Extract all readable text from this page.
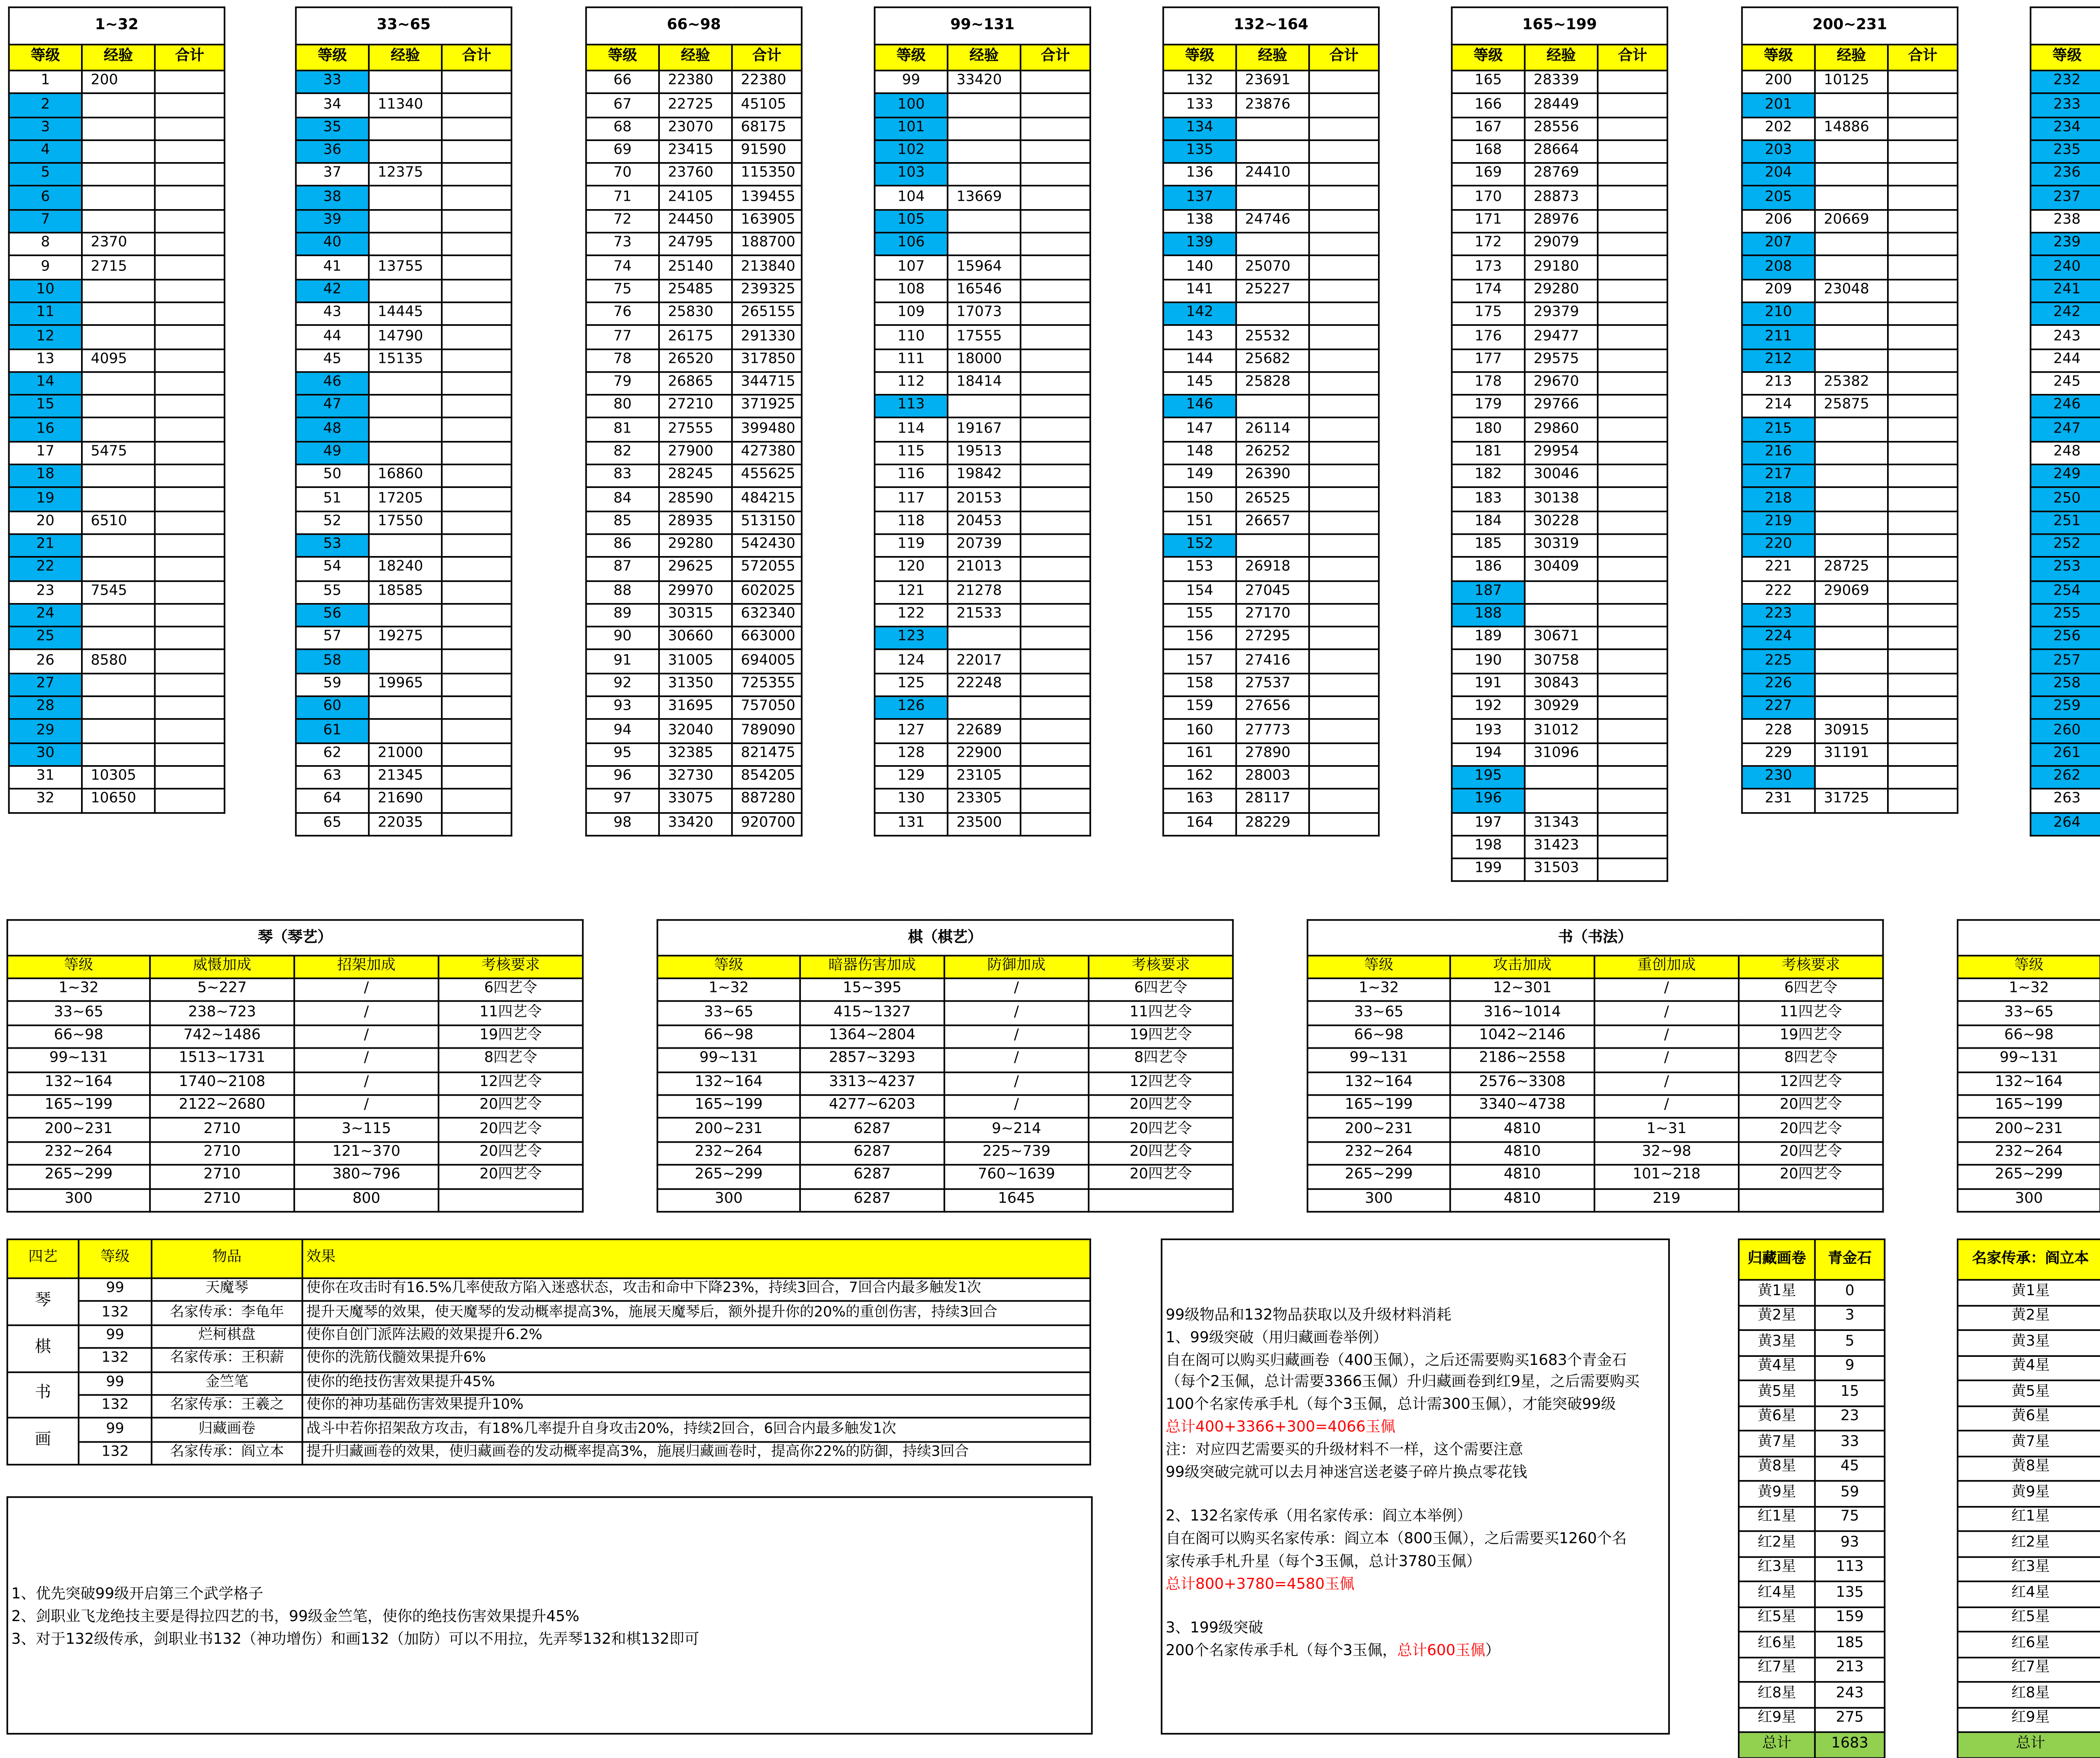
1~32		
等级	经验	合计
1	200	
2		
3		
4		
5		
6		
7		
8	2370	
9	2715	
10		
11		
12		
13	4095	
14		
15		
16		
17	5475	
18		
19		
20	6510	
21		
22		
23	7545	
24		
25		
26	8580	
27		
28		
29		
30		
31	10305	
32	10650	
33~65		
等级	经验	合计
33		
34	11340	
35		
36		
37	12375	
38		
39		
40		
41	13755	
42		
43	14445	
44	14790	
45	15135	
46		
47		
48		
49		
50	16860	
51	17205	
52	17550	
53		
54	18240	
55	18585	
56		
57	19275	
58		
59	19965	
60		
61		
62	21000	
63	21345	
64	21690	
65	22035	
66~98		
等级	经验	合计
66	22380	22380
67	22725	45105
68	23070	68175
69	23415	91590
70	23760	115350
71	24105	139455
72	24450	163905
73	24795	188700
74	25140	213840
75	25485	239325
76	25830	265155
77	26175	291330
78	26520	317850
79	26865	344715
80	27210	371925
81	27555	399480
82	27900	427380
83	28245	455625
84	28590	484215
85	28935	513150
86	29280	542430
87	29625	572055
88	29970	602025
89	30315	632340
90	30660	663000
91	31005	694005
92	31350	725355
93	31695	757050
94	32040	789090
95	32385	821475
96	32730	854205
97	33075	887280
98	33420	920700
99~131		
等级	经验	合计
99	33420	
100		
101		
102		
103		
104	13669	
105		
106		
107	15964	
108	16546	
109	17073	
110	17555	
111	18000	
112	18414	
113		
114	19167	
115	19513	
116	19842	
117	20153	
118	20453	
119	20739	
120	21013	
121	21278	
122	21533	
123		
124	22017	
125	22248	
126		
127	22689	
128	22900	
129	23105	
130	23305	
131	23500	
132~164		
等级	经验	合计
132	23691	
133	23876	
134		
135		
136	24410	
137		
138	24746	
139		
140	25070	
141	25227	
142		
143	25532	
144	25682	
145	25828	
146		
147	26114	
148	26252	
149	26390	
150	26525	
151	26657	
152		
153	26918	
154	27045	
155	27170	
156	27295	
157	27416	
158	27537	
159	27656	
160	27773	
161	27890	
162	28003	
163	28117	
164	28229	
165~199		
等级	经验	合计
165	28339	
166	28449	
167	28556	
168	28664	
169	28769	
170	28873	
171	28976	
172	29079	
173	29180	
174	29280	
175	29379	
176	29477	
177	29575	
178	29670	
179	29766	
180	29860	
181	29954	
182	30046	
183	30138	
184	30228	
185	30319	
186	30409	
187		
188		
189	30671	
190	30758	
191	30843	
192	30929	
193	31012	
194	31096	
195		
196		
197	31343	
198	31423	
199	31503	
200~231		
等级	经验	合计
200	10125	
201		
202	14886	
203		
204		
205		
206	20669	
207		
208		
209	23048	
210		
211		
212		
213	25382	
214	25875	
215		
216		
217		
218		
219		
220		
221	28725	
222	29069	
223		
224		
225		
226		
227		
228	30915	
229	31191	
230		
231	31725	

等级		
232		
233		
234		
235		
236		
237		
238		
239		
240		
241		
242		
243		
244		
245		
246		
247		
248		
249		
250		
251		
252		
253		
254		
255		
256		
257		
258		
259		
260		
261		
262		
263		
264		

琴（琴艺）			
等级	威慑加成	招架加成	考核要求
1~32	5~227	/	6四艺令
33~65	238~723	/	11四艺令
66~98	742~1486	/	19四艺令
99~131	1513~1731	/	8四艺令
132~164	1740~2108	/	12四艺令
165~199	2122~2680	/	20四艺令
200~231	2710	3~115	20四艺令
232~264	2710	121~370	20四艺令
265~299	2710	380~796	20四艺令
300	2710	800	
棋（棋艺）			
等级	暗器伤害加成	防御加成	考核要求
1~32	15~395	/	6四艺令
33~65	415~1327	/	11四艺令
66~98	1364~2804	/	19四艺令
99~131	2857~3293	/	8四艺令
132~164	3313~4237	/	12四艺令
165~199	4277~6203	/	20四艺令
200~231	6287	9~214	20四艺令
232~264	6287	225~739	20四艺令
265~299	6287	760~1639	20四艺令
300	6287	1645	
书（书法）			
等级	攻击加成	重创加成	考核要求
1~32	12~301	/	6四艺令
33~65	316~1014	/	11四艺令
66~98	1042~2146	/	19四艺令
99~131	2186~2558	/	8四艺令
132~164	2576~3308	/	12四艺令
165~199	3340~4738	/	20四艺令
200~231	4810	1~31	20四艺令
232~264	4810	32~98	20四艺令
265~299	4810	101~218	20四艺令
300	4810	219	

等级			
1~32			
33~65			
66~98			
99~131			
132~164			
165~199			
200~231			
232~264			
265~299			
300			
四艺	等级	物品	效果
琴	99	天魔琴	使你在攻击时有16.5%几率使敌方陷入迷惑状态，攻击和命中下降23%，持续3回合，7回合内最多触发1次
	132	名家传承：李龟年	提升天魔琴的效果，使天魔琴的发动概率提高3%，施展天魔琴后，额外提升你的20%的重创伤害，持续3回合
棋	99	烂柯棋盘	使你自创门派阵法殿的效果提升6.2%
	132	名家传承：王积薪	使你的洗筋伐髓效果提升6%
书	99	金竺笔	使你的绝技伤害效果提升45%
	132	名家传承：王羲之	使你的神功基础伤害效果提升10%
画	99	归藏画卷	战斗中若你招架敌方攻击，有18%几率提升自身攻击20%，持续2回合，6回合内最多触发1次
	132	名家传承：阎立本	提升归藏画卷的效果，使归藏画卷的发动概率提高3%，施展归藏画卷时，提高你22%的防御，持续3回合

1、优先突破99级开启第三个武学格子

2、剑职业飞龙绝技主要是得拉四艺的书，99级金竺笔，使你的绝技伤害效果提升45%

3、对于132级传承，剑职业书132（神功增伤）和画132（加防）可以不用拉，先弄琴132和棋132即可

99级物品和132物品获取以及升级材料消耗

1、99级突破（用归藏画卷举例）

自在阁可以购买归藏画卷（400玉佩），之后还需要购买1683个青金石

（每个2玉佩，总计需要3366玉佩）升归藏画卷到红9星，之后需要购买

100个名家传承手札（每个3玉佩，总计需300玉佩），才能突破99级

总计400+3366+300=4066玉佩

注：对应四艺需要买的升级材料不一样，这个需要注意

99级突破完就可以去月神迷宫送老婆子碎片换点零花钱

2、132名家传承（用名家传承：阎立本举例）

自在阁可以购买名家传承：阎立本（800玉佩），之后需要买1260个名

家传承手札升星（每个3玉佩，总计3780玉佩）

总计800+3780=4580玉佩

3、199级突破

200个名家传承手札（每个3玉佩，总计600玉佩）

归藏画卷	青金石
黄1星	0
黄2星	3
黄3星	5
黄4星	9
黄5星	15
黄6星	23
黄7星	33
黄8星	45
黄9星	59
红1星	75
红2星	93
红3星	113
红4星	135
红5星	159
红6星	185
红7星	213
红8星	243
红9星	275
总计	1683
名家传承：阎立本	
黄1星	
黄2星	
黄3星	
黄4星	
黄5星	
黄6星	
黄7星	
黄8星	
黄9星	
红1星	
红2星	
红3星	
红4星	
红5星	
红6星	
红7星	
红8星	
红9星	
总计	
